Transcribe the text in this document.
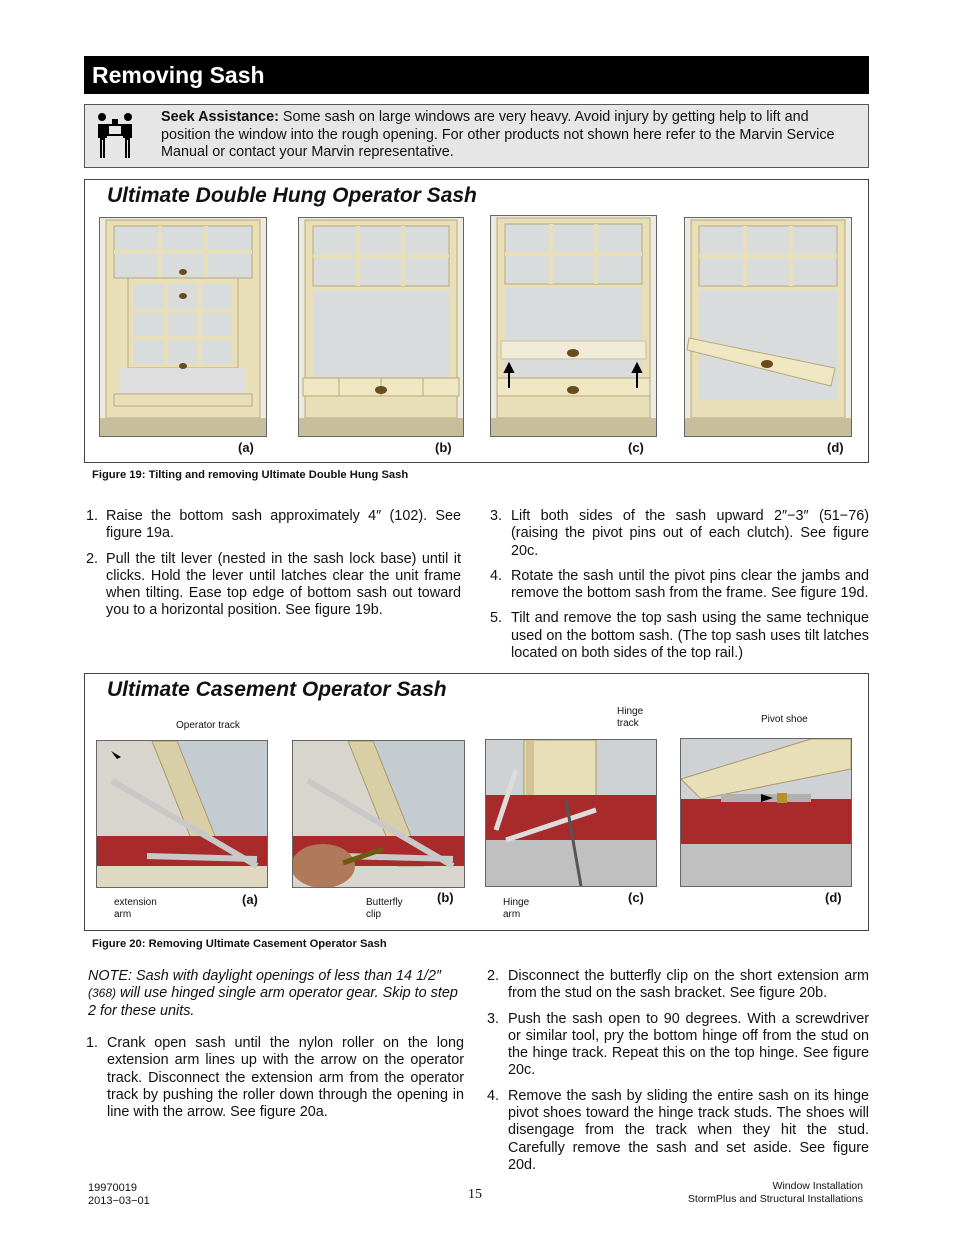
Removing Sash
Seek Assistance: Some sash on large windows are very heavy. Avoid injury by getting help to lift and position the window into the rough opening. For other products not shown here refer to the Marvin Service Manual or contact your Marvin representative.
Ultimate Double Hung Operator Sash
(a)	(b)	(c)	(d)
Figure 19: Tilting and removing Ultimate Double Hung Sash
1. Raise the bottom sash approximately 4″ (102). See figure 19a.
2. Pull the tilt lever (nested in the sash lock base) until it clicks. Hold the lever until latches clear the unit frame when tilting. Ease top edge of bottom sash out toward you to a horizontal position. See figure 19b.
3. Lift both sides of the sash upward 2″−3″ (51−76) (raising the pivot pins out of each clutch). See figure 20c.
4. Rotate the sash until the pivot pins clear the jambs and remove the bottom sash from the frame. See figure 19d.
5. Tilt and remove the top sash using the same technique used on the bottom sash. (The top sash uses tilt latches located on both sides of the top rail.)
Ultimate Casement Operator Sash
Operator track
Hinge
track	Pivot shoe
extension
arm
(a)	Butterfly
clip
(b)	Hinge
arm
(c)	(d)
Figure 20: Removing Ultimate Casement Operator Sash
NOTE: Sash with daylight openings of less than 14 1/2″ (368) will use hinged single arm operator gear. Skip to step 2 for these units.
1. Crank open sash until the nylon roller on the long extension arm lines up with the arrow on the operator track. Disconnect the extension arm from the operator track by pushing the roller down through the opening in line with the arrow. See figure 20a.
2. Disconnect the butterfly clip on the short extension arm from the stud on the sash bracket. See figure 20b.
3. Push the sash open to 90 degrees. With a screwdriver or similar tool, pry the bottom hinge off from the stud on the hinge track. Repeat this on the top hinge. See figure 20c.
4. Remove the sash by sliding the entire sash on its hinge pivot shoes toward the hinge track studs. The shoes will disengage from the track when they hit the stud. Carefully remove the sash and set aside. See figure 20d.
19970019
2013−03−01	15
Window Installation
StormPlus and Structural Installations
